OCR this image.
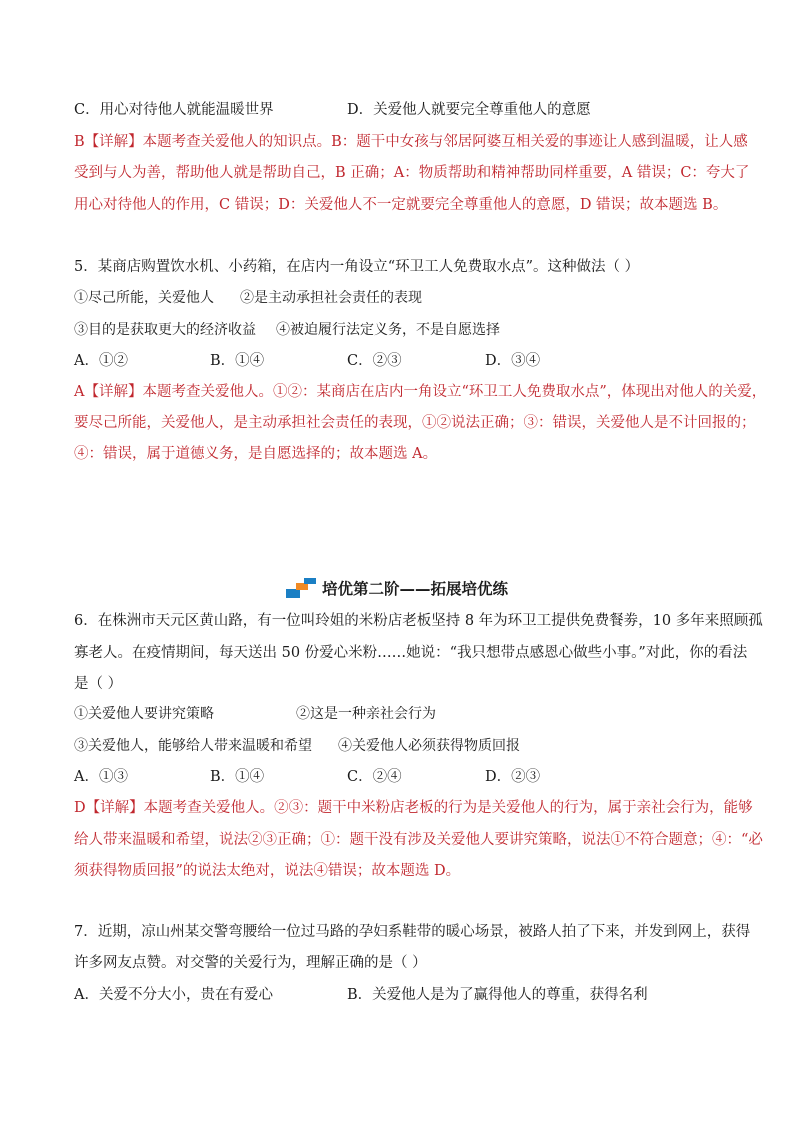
C．用心对待他人就能温暖世界	D．关爱他人就要完全尊重他人的意愿
B【详解】本题考查关爱他人的知识点。B：题干中女孩与邻居阿婆互相关爱的事迹让人感到温暖，让人感
受到与人为善，帮助他人就是帮助自己，B 正确；A：物质帮助和精神帮助同样重要，A 错误；C：夸大了
用心对待他人的作用，C 错误；D：关爱他人不一定就要完全尊重他人的意愿，D 错误；故本题选 B。
5．某商店购置饮水机、小药箱，在店内一角设立“环卫工人免费取水点”。这种做法（ ）
①尽己所能，关爱他人 ②是主动承担社会责任的表现
③目的是获取更大的经济收益 ④被迫履行法定义务，不是自愿选择
A．①②	B．①④	C．②③	D．③④
A【详解】本题考查关爱他人。①②：某商店在店内一角设立“环卫工人免费取水点”，体现出对他人的关爱，
要尽己所能，关爱他人，是主动承担社会责任的表现，①②说法正确；③：错误，关爱他人是不计回报的；
④：错误，属于道德义务，是自愿选择的；故本题选 A。
培优第二阶——拓展培优练
6．在株洲市天元区黄山路，有一位叫玲姐的米粉店老板坚持 8 年为环卫工提供免费餐劵，10 多年来照顾孤
寡老人。在疫情期间，每天送出 50 份爱心米粉……她说：“我只想带点感恩心做些小事。”对此，你的看法
是（ ）
①关爱他人要讲究策略	②这是一种亲社会行为
③关爱他人，能够给人带来温暖和希望 ④关爱他人必须获得物质回报
A．①③	B．①④	C．②④	D．②③
D【详解】本题考查关爱他人。②③：题干中米粉店老板的行为是关爱他人的行为，属于亲社会行为，能够
给人带来温暖和希望，说法②③正确；①：题干没有涉及关爱他人要讲究策略，说法①不符合题意；④：“必
须获得物质回报”的说法太绝对，说法④错误；故本题选 D。
7．近期，凉山州某交警弯腰给一位过马路的孕妇系鞋带的暖心场景，被路人拍了下来，并发到网上，获得
许多网友点赞。对交警的关爱行为，理解正确的是（ ）
A．关爱不分大小，贵在有爱心	B．关爱他人是为了赢得他人的尊重，获得名利
